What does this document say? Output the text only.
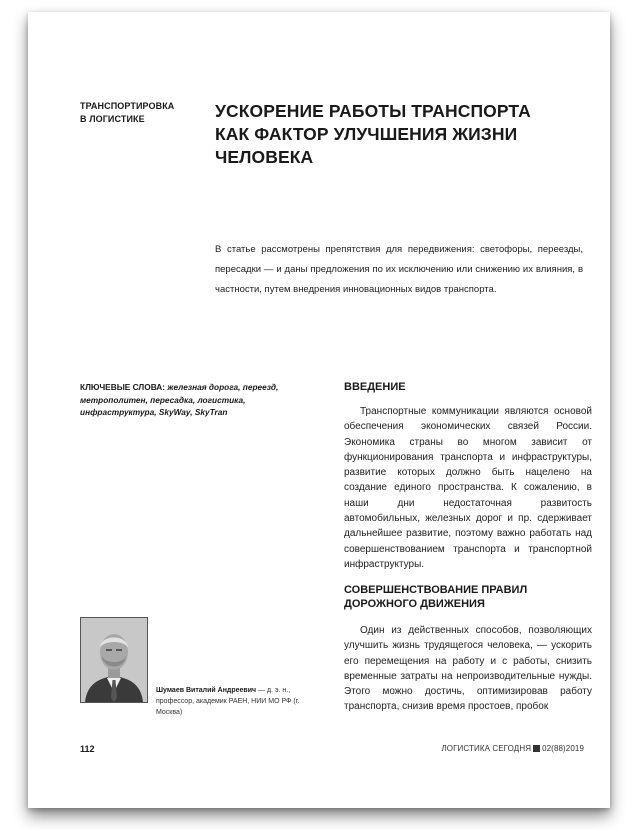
ТРАНСПОРТИРОВКА
В ЛОГИСТИКЕ	УСКОРЕНИЕ РАБОТЫ ТРАНСПОРТА
КАК ФАКТОР УЛУЧШЕНИЯ ЖИЗНИ ЧЕЛОВЕКА
В статье рассмотрены препятствия для передвижения: светофоры, переезды, пересадки — и даны предложения по их исключению или снижению их влияния, в частности, путем внедрения инновационных видов транспорта.
КЛЮЧЕВЫЕ СЛОВА: железная дорога, переезд, метрополитен, пересадка, логистика, инфраструктура, SkyWay, SkyTran
Шумаев Виталий Андреевич — д. э. н., профессор, академик РАЕН, НИИ МО РФ (г. Москва)
ВВЕДЕНИЕ
Транспортные коммуникации являются основой обеспечения экономических связей России. Экономика страны во многом зависит от функционирования транспорта и инфраструктуры, развитие которых должно быть нацелено на создание единого пространства. К сожалению, в наши дни недостаточная развитость автомобильных, железных дорог и пр. сдерживает дальнейшее развитие, поэтому важно работать над совершенствованием транспорта и транспортной инфраструктуры.
СОВЕРШЕНСТВОВАНИЕ ПРАВИЛ ДОРОЖНОГО ДВИЖЕНИЯ
Один из действенных способов, позволяющих улучшить жизнь трудящегося человека, — ускорить его перемещения на работу и с работы, снизить временные затраты на непроизводительные нужды. Этого можно достичь, оптимизировав работу транспорта, снизив время простоев, пробок
112	ЛОГИСТИКА СЕГОДНЯ 02(88)2019
